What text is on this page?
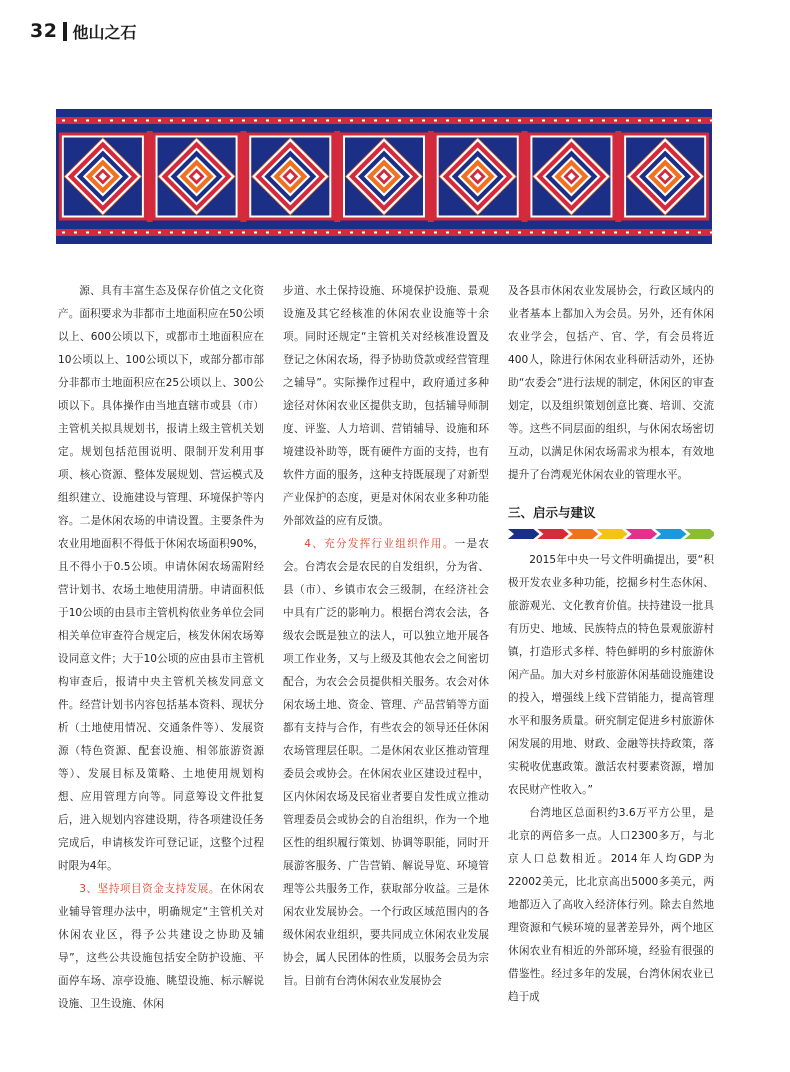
32 他山之石

源、具有丰富生态及保存价值之文化资产。面积要求为非都市土地面积应在50公顷以上、600公顷以下，或都市土地面积应在10公顷以上、100公顷以下，或部分都市部分非都市土地面积应在25公顷以上、300公顷以下。具体操作由当地直辖市或县（市）主管机关拟具规划书，报请上级主管机关划定。规划包括范围说明、限制开发利用事项、核心资源、整体发展规划、营运模式及组织建立、设施建设与管理、环境保护等内容。二是休闲农场的申请设置。主要条件为农业用地面积不得低于休闲农场面积90%，且不得小于0.5公顷。申请休闲农场需附经营计划书、农场土地使用清册。申请面积低于10公顷的由县市主管机构依业务单位会同相关单位审查符合规定后，核发休闲农场筹设同意文件；大于10公顷的应由县市主管机构审查后，报请中央主管机关核发同意文件。经营计划书内容包括基本资料、现状分析（土地使用情况、交通条件等）、发展资源（特色资源、配套设施、相邻旅游资源等）、发展目标及策略、土地使用规划构想、应用管理方向等。同意筹设文件批复后，进入规划内容建设期，待各项建设任务完成后，申请核发许可登记证，这整个过程时限为4年。

3、坚持项目资金支持发展。在休闲农业辅导管理办法中，明确规定“主管机关对休闲农业区，得予公共建设之协助及辅导”，这些公共设施包括安全防护设施、平面停车场、凉亭设施、眺望设施、标示解说设施、卫生设施、休闲

步道、水土保持设施、环境保护设施、景观设施及其它经核准的休闲农业设施等十余项。同时还规定“主管机关对经核准设置及登记之休闲农场，得予协助贷款或经营管理之辅导”。实际操作过程中，政府通过多种途径对休闲农业区提供支助，包括辅导师制度、评鉴、人力培训、营销辅导、设施和环境建设补助等，既有硬件方面的支持，也有软件方面的服务，这种支持既展现了对新型产业保护的态度，更是对休闲农业多种功能外部效益的应有反馈。

4、充分发挥行业组织作用。一是农会。台湾农会是农民的自发组织，分为省、县（市）、乡镇市农会三级制，在经济社会中具有广泛的影响力。根据台湾农会法，各级农会既是独立的法人，可以独立地开展各项工作业务，又与上级及其他农会之间密切配合，为农会会员提供相关服务。农会对休闲农场土地、资金、管理、产品营销等方面都有支持与合作，有些农会的领导还任休闲农场管理层任职。二是休闲农业区推动管理委员会或协会。在休闲农业区建设过程中，区内休闲农场及民宿业者要自发性成立推动管理委员会或协会的自治组织，作为一个地区性的组织履行策划、协调等职能，同时开展游客服务、广告营销、解说导览、环境管理等公共服务工作，获取部分收益。三是休闲农业发展协会。一个行政区域范围内的各级休闲农业组织，要共同成立休闲农业发展协会，属人民团体的性质，以服务会员为宗旨。目前有台湾休闲农业发展协会

及各县市休闲农业发展协会，行政区域内的业者基本上都加入为会员。另外，还有休闲农业学会，包括产、官、学，有会员将近400人，除进行休闲农业科研活动外，还协助“农委会”进行法规的制定，休闲区的审查划定，以及组织策划创意比赛、培训、交流等。这些不同层面的组织，与休闲农场密切互动，以满足休闲农场需求为根本，有效地提升了台湾观光休闲农业的管理水平。

三、启示与建议

2015年中央一号文件明确提出，要“积极开发农业多种功能，挖掘乡村生态休闲、旅游观光、文化教育价值。扶持建设一批具有历史、地域、民族特点的特色景观旅游村镇，打造形式多样、特色鲜明的乡村旅游休闲产品。加大对乡村旅游休闲基础设施建设的投入，增强线上线下营销能力，提高管理水平和服务质量。研究制定促进乡村旅游休闲发展的用地、财政、金融等扶持政策，落实税收优惠政策。激活农村要素资源，增加农民财产性收入。”

台湾地区总面积约3.6万平方公里，是北京的两倍多一点。人口2300多万，与北京人口总数相近。2014年人均GDP为22002美元，比北京高出5000多美元，两地都迈入了高收入经济体行列。除去自然地理资源和气候环境的显著差异外，两个地区休闲农业有相近的外部环境，经验有很强的借鉴性。经过多年的发展，台湾休闲农业已趋于成
